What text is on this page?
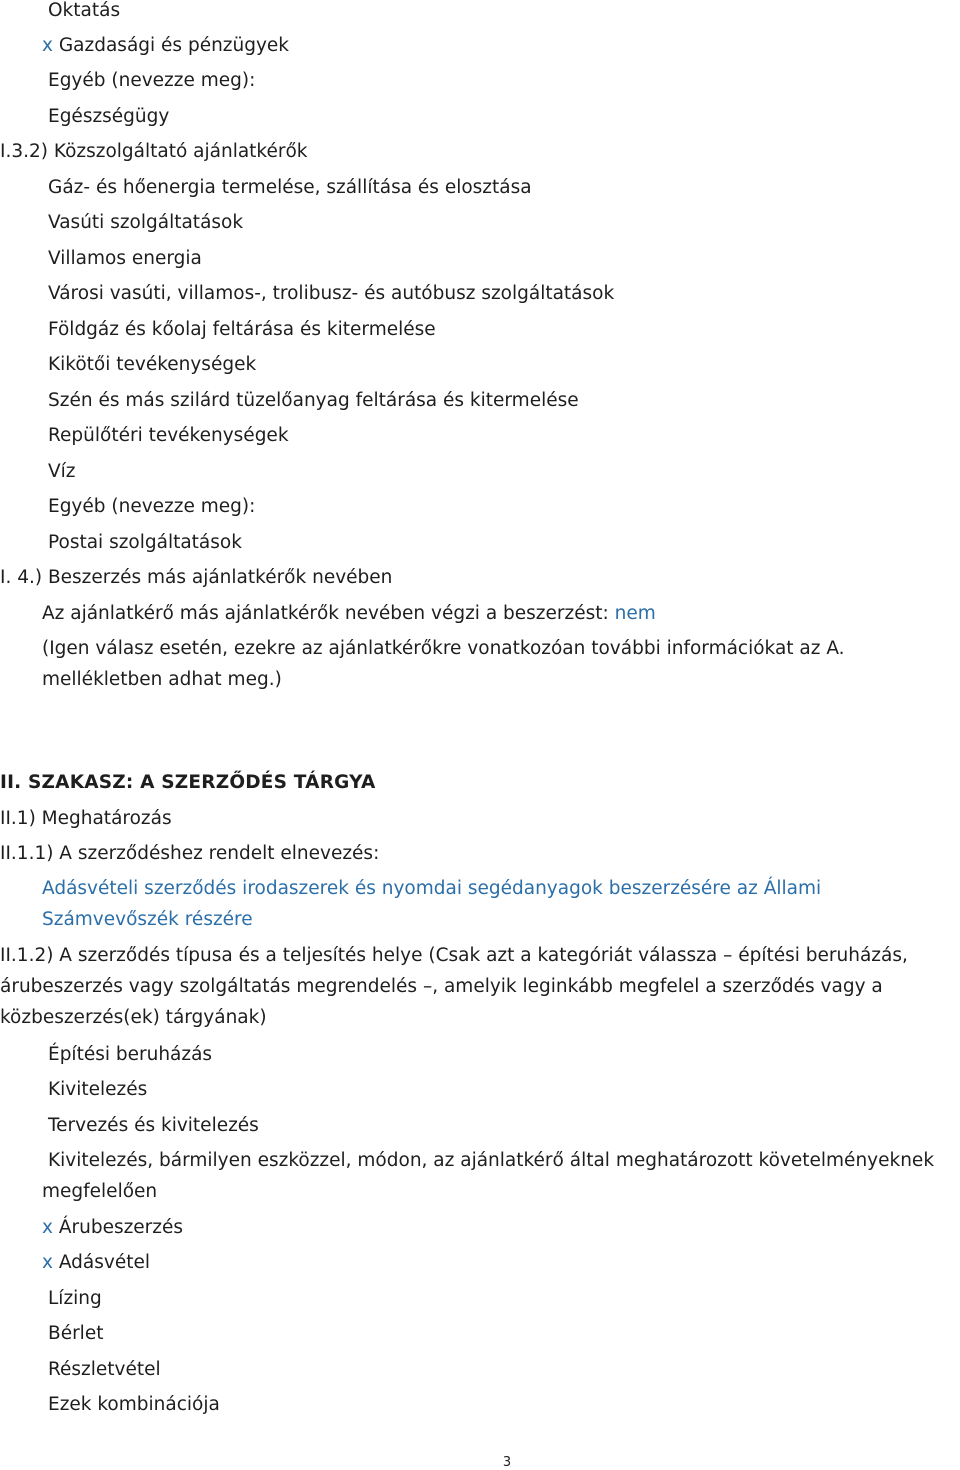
Oktatás
x Gazdasági és pénzügyek
Egyéb (nevezze meg):
Egészségügy
I.3.2) Közszolgáltató ajánlatkérők
Gáz- és hőenergia termelése, szállítása és elosztása
Vasúti szolgáltatások
Villamos energia
Városi vasúti, villamos-, trolibusz- és autóbusz szolgáltatások
Földgáz és kőolaj feltárása és kitermelése
Kikötői tevékenységek
Szén és más szilárd tüzelőanyag feltárása és kitermelése
Repülőtéri tevékenységek
Víz
Egyéb (nevezze meg):
Postai szolgáltatások
I. 4.) Beszerzés más ajánlatkérők nevében
Az ajánlatkérő más ajánlatkérők nevében végzi a beszerzést: nem
(Igen válasz esetén, ezekre az ajánlatkérőkre vonatkozóan további információkat az A. mellékletben adhat meg.)
II. SZAKASZ: A SZERZŐDÉS TÁRGYA
II.1) Meghatározás
II.1.1) A szerződéshez rendelt elnevezés:
Adásvételi szerződés irodaszerek és nyomdai segédanyagok beszerzésére az Állami Számvevőszék részére
II.1.2) A szerződés típusa és a teljesítés helye (Csak azt a kategóriát válassza – építési beruházás, árubeszerzés vagy szolgáltatás megrendelés –, amelyik leginkább megfelel a szerződés vagy a közbeszerzés(ek) tárgyának)
Építési beruházás
Kivitelezés
Tervezés és kivitelezés
Kivitelezés, bármilyen eszközzel, módon, az ajánlatkérő által meghatározott követelményeknek megfelelően
x Árubeszerzés
x Adásvétel
Lízing
Bérlet
Részletvétel
Ezek kombinációja
3
